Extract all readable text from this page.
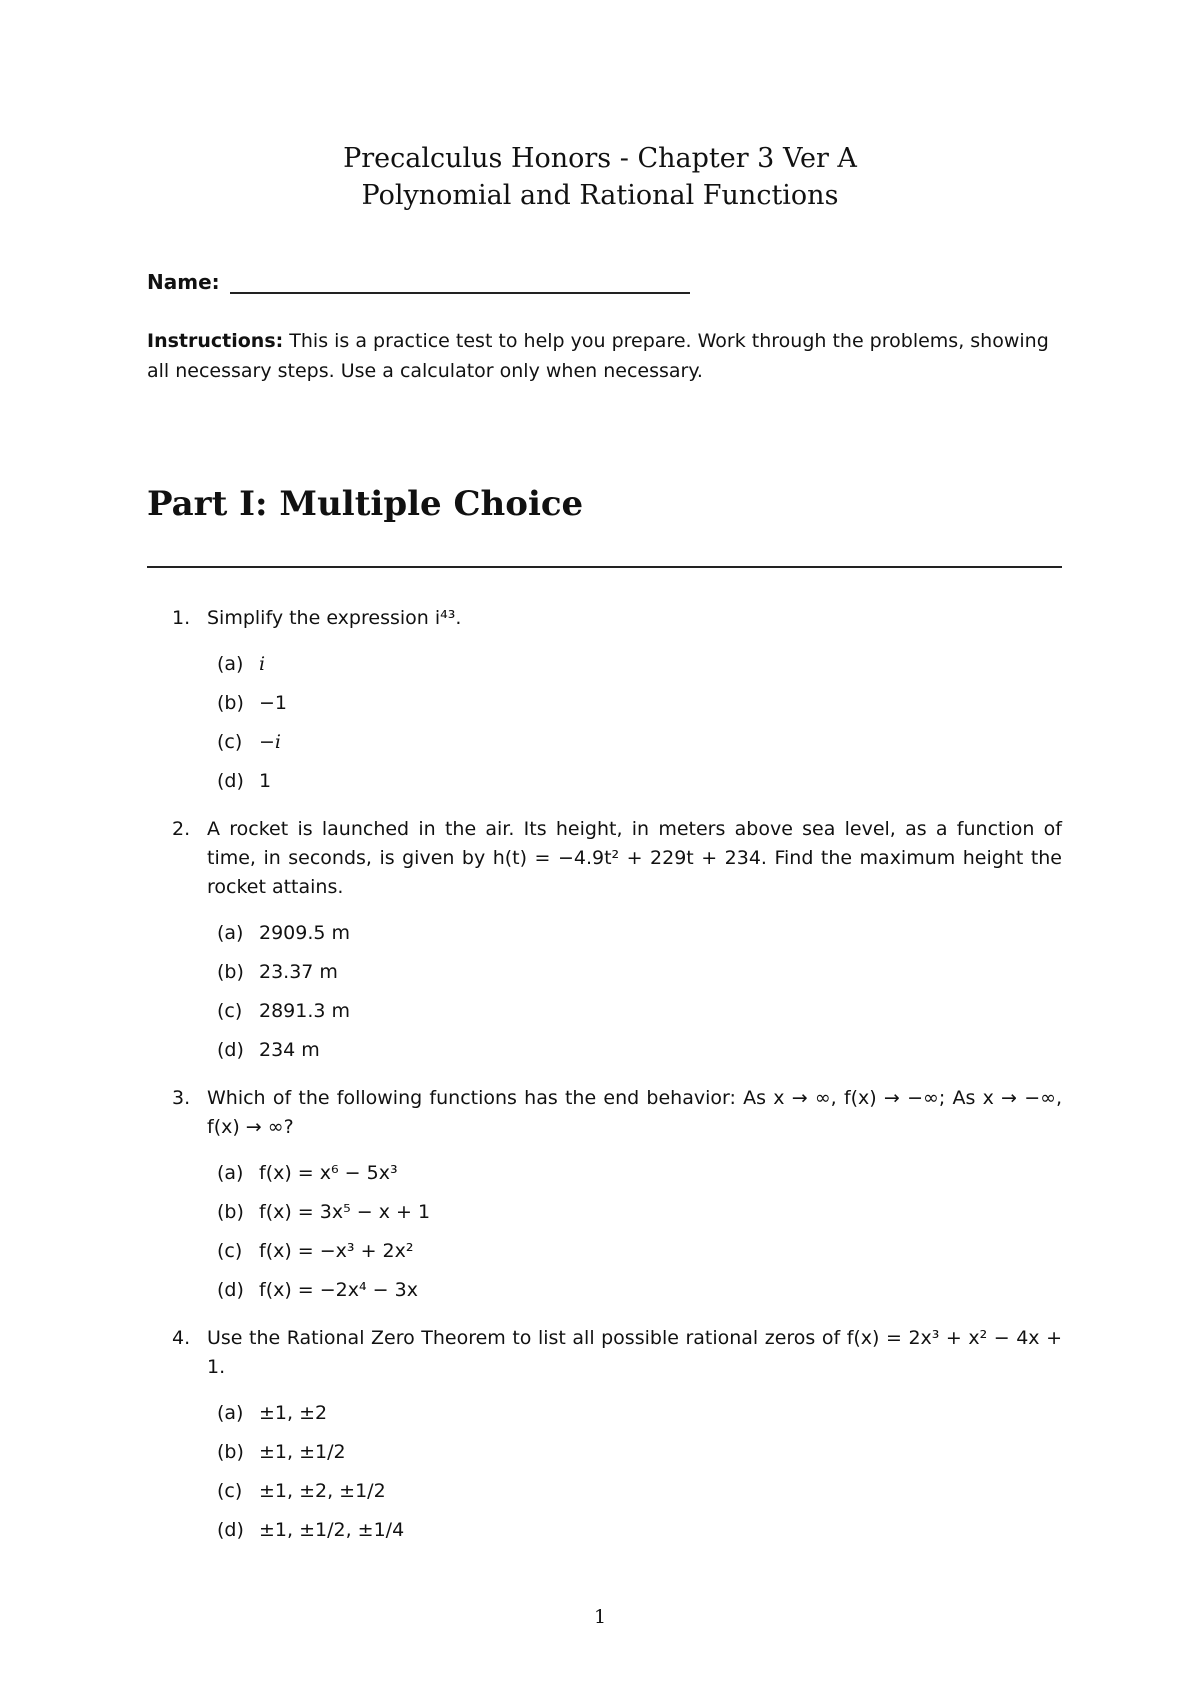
Precalculus Honors - Chapter 3 Ver A
Polynomial and Rational Functions
Name:
Instructions: This is a practice test to help you prepare. Work through the problems, showing all necessary steps. Use a calculator only when necessary.
Part I: Multiple Choice
1. Simplify the expression i⁴³.
(a) i
(b) −1
(c) −i
(d) 1
2. A rocket is launched in the air. Its height, in meters above sea level, as a function of time, in seconds, is given by h(t) = −4.9t² + 229t + 234. Find the maximum height the rocket attains.
(a) 2909.5 m
(b) 23.37 m
(c) 2891.3 m
(d) 234 m
3. Which of the following functions has the end behavior: As x → ∞, f(x) → −∞; As x → −∞, f(x) → ∞?
(a) f(x) = x⁶ − 5x³
(b) f(x) = 3x⁵ − x + 1
(c) f(x) = −x³ + 2x²
(d) f(x) = −2x⁴ − 3x
4. Use the Rational Zero Theorem to list all possible rational zeros of f(x) = 2x³ + x² − 4x + 1.
(a) ±1, ±2
(b) ±1, ±1/2
(c) ±1, ±2, ±1/2
(d) ±1, ±1/2, ±1/4
1
